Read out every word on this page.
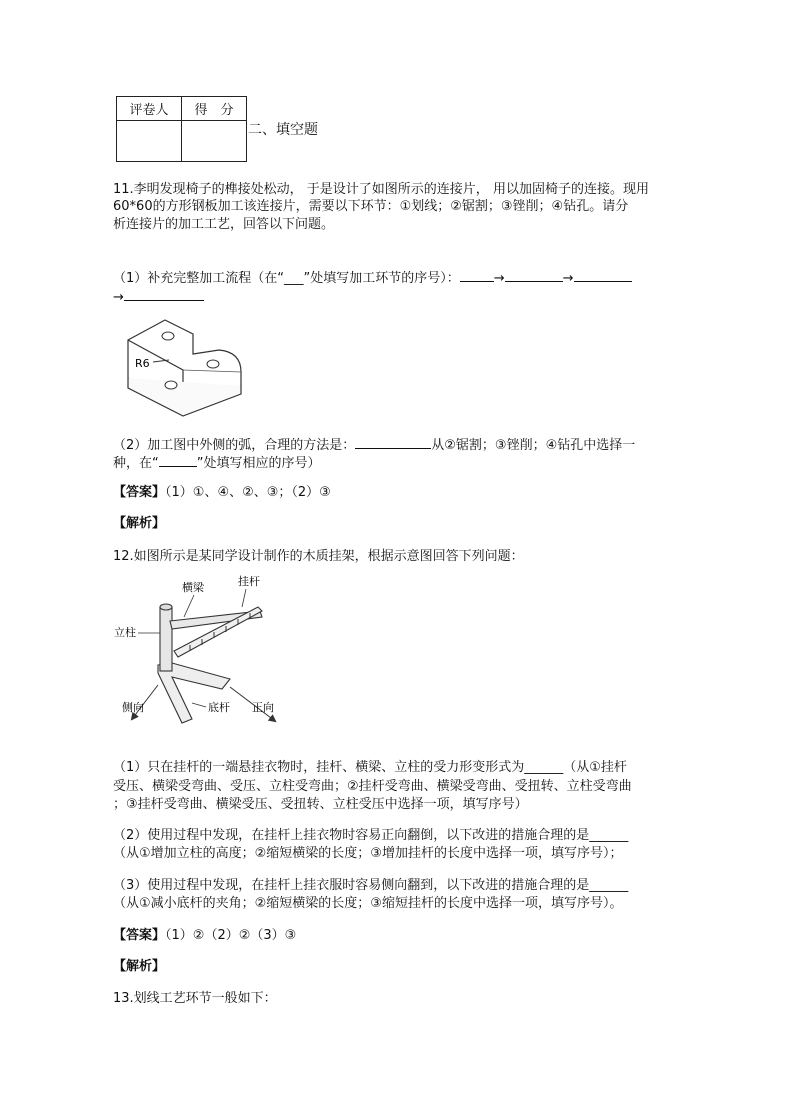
评卷人	得　分

二、填空题
11.李明发现椅子的榫接处松动， 于是设计了如图所示的连接片， 用以加固椅子的连接。现用
60*60的方形钢板加工该连接片，需要以下环节：①划线；②锯割；③锉削；④钻孔。请分
析连接片的加工工艺，回答以下问题。
（1）补充完整加工流程（在“___”处填写加工环节的序号）：	→	→
→
R6
（2）加工图中外侧的弧，合理的方法是：	从②锯割；③锉削；④钻孔中选择一
种，在“	”处填写相应的序号）
【答案】（1）①、④、②、③；（2）③
【解析】
12.如图所示是某同学设计制作的木质挂架，根据示意图回答下列问题：
横梁	挂杆
立柱
底杆
侧向	正向
（1）只在挂杆的一端悬挂衣物时，挂杆、横梁、立柱的受力形变形式为______（从①挂杆
受压、横梁受弯曲、受压、立柱受弯曲；②挂杆受弯曲、横梁受弯曲、受扭转、立柱受弯曲
；③挂杆受弯曲、横梁受压、受扭转、立柱受压中选择一项，填写序号）
（2）使用过程中发现，在挂杆上挂衣物时容易正向翻倒，以下改进的措施合理的是______
（从①增加立柱的高度；②缩短横梁的长度；③增加挂杆的长度中选择一项，填写序号）；
（3）使用过程中发现，在挂杆上挂衣服时容易侧向翻到，以下改进的措施合理的是______
（从①减小底杆的夹角；②缩短横梁的长度；③缩短挂杆的长度中选择一项，填写序号）。
【答案】（1）②（2）②（3）③
【解析】
13.划线工艺环节一般如下：
